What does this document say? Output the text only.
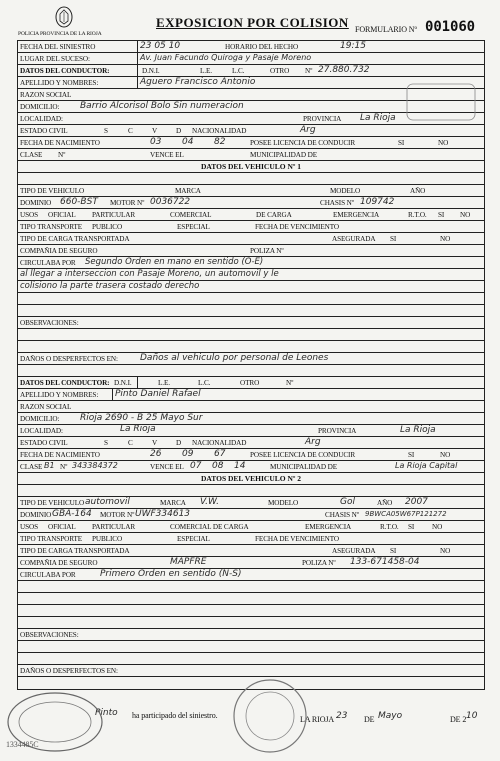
POLICIA PROVINCIA DE LA RIOJA
EXPOSICION POR COLISION FORMULARIO Nº 001060
FECHA DEL SINIESTRO	23 05 10	HORARIO DEL HECHO	19:15
LUGAR DEL SUCESO:	Av. Juan Facundo Quiroga y Pasaje Moreno
DATOS DEL CONDUCTOR:	D.N.I.	L.E.	L.C.	OTRO Nº 27.880.732
APELLIDO Y NOMBRES:	Aguero Francisco Antonio
RAZON SOCIAL
DOMICILIO: Barrio Alcorisol Bolo Sin numeracion
LOCALIDAD:	PROVINCIA La Rioja
ESTADO CIVIL	S	C	V	D NACIONALIDAD	Arg
FECHA DE NACIMIENTO	03 04 82	POSEE LICENCIA DE CONDUCIR	SI	NO
CLASE Nº	VENCE EL	MUNICIPALIDAD DE
DATOS DEL VEHICULO Nº 1
TIPO DE VEHICULO	MARCA	MODELO	AÑO
DOMINIO 660-BST MOTOR Nº 0036722	CHASIS Nº 109742
USOS OFICIAL PARTICULAR	COMERCIAL	DE CARGA	EMERGENCIA	R.T.O. SI NO
TIPO TRANSPORTE PUBLICO	ESPECIAL	FECHA DE VENCIMIENTO
TIPO DE CARGA TRANSPORTADA	ASEGURADA SI	NO
COMPAÑIA DE SEGURO	POLIZA Nº
CIRCULABA POR Segundo Orden en mano en sentido (O-E)
al llegar a interseccion con Pasaje Moreno, un automovil y le
colisiono la parte trasera costado derecho
OBSERVACIONES:
DAÑOS O DESPERFECTOS EN: Daños al vehiculo por personal de Leones
DATOS DEL CONDUCTOR: D.N.I.	L.E.	L.C.	OTRO	Nº
APELLIDO Y NOMBRES: Pinto Daniel Rafael
RAZON SOCIAL
DOMICILIO: Rioja 2690 - B 25 Mayo Sur
LOCALIDAD:	La Rioja	PROVINCIA	La Rioja
ESTADO CIVIL	S	C	V	D NACIONALIDAD	Arg
FECHA DE NACIMIENTO	26 09 67	POSEE LICENCIA DE CONDUCIR	SI	NO
CLASE B1 Nº 343384372	VENCE EL 07 08 14	MUNICIPALIDAD DE	La Rioja Capital
DATOS DEL VEHICULO Nº 2
TIPO DE VEHICULO automovil	MARCA V.W.	MODELO	Gol	AÑO 2007
DOMINIO GBA-164 MOTOR Nº UWF334613	CHASIS Nº 9BWCA05W67P121272
USOS OFICIAL PARTICULAR	COMERCIAL DE CARGA	EMERGENCIA	R.T.O. SI NO
TIPO TRANSPORTE PUBLICO	ESPECIAL	FECHA DE VENCIMIENTO
TIPO DE CARGA TRANSPORTADA	ASEGURADA SI	NO
COMPAÑIA DE SEGURO	MAPFRE	POLIZA Nº 133-671458-04
CIRCULABA POR	Primero Orden en sentido (N-S)
OBSERVACIONES:
DAÑOS O DESPERFECTOS EN:
Pinto ha participado del siniestro.	LA RIOJA 23 DE Mayo	DE 2 10
1334485C
